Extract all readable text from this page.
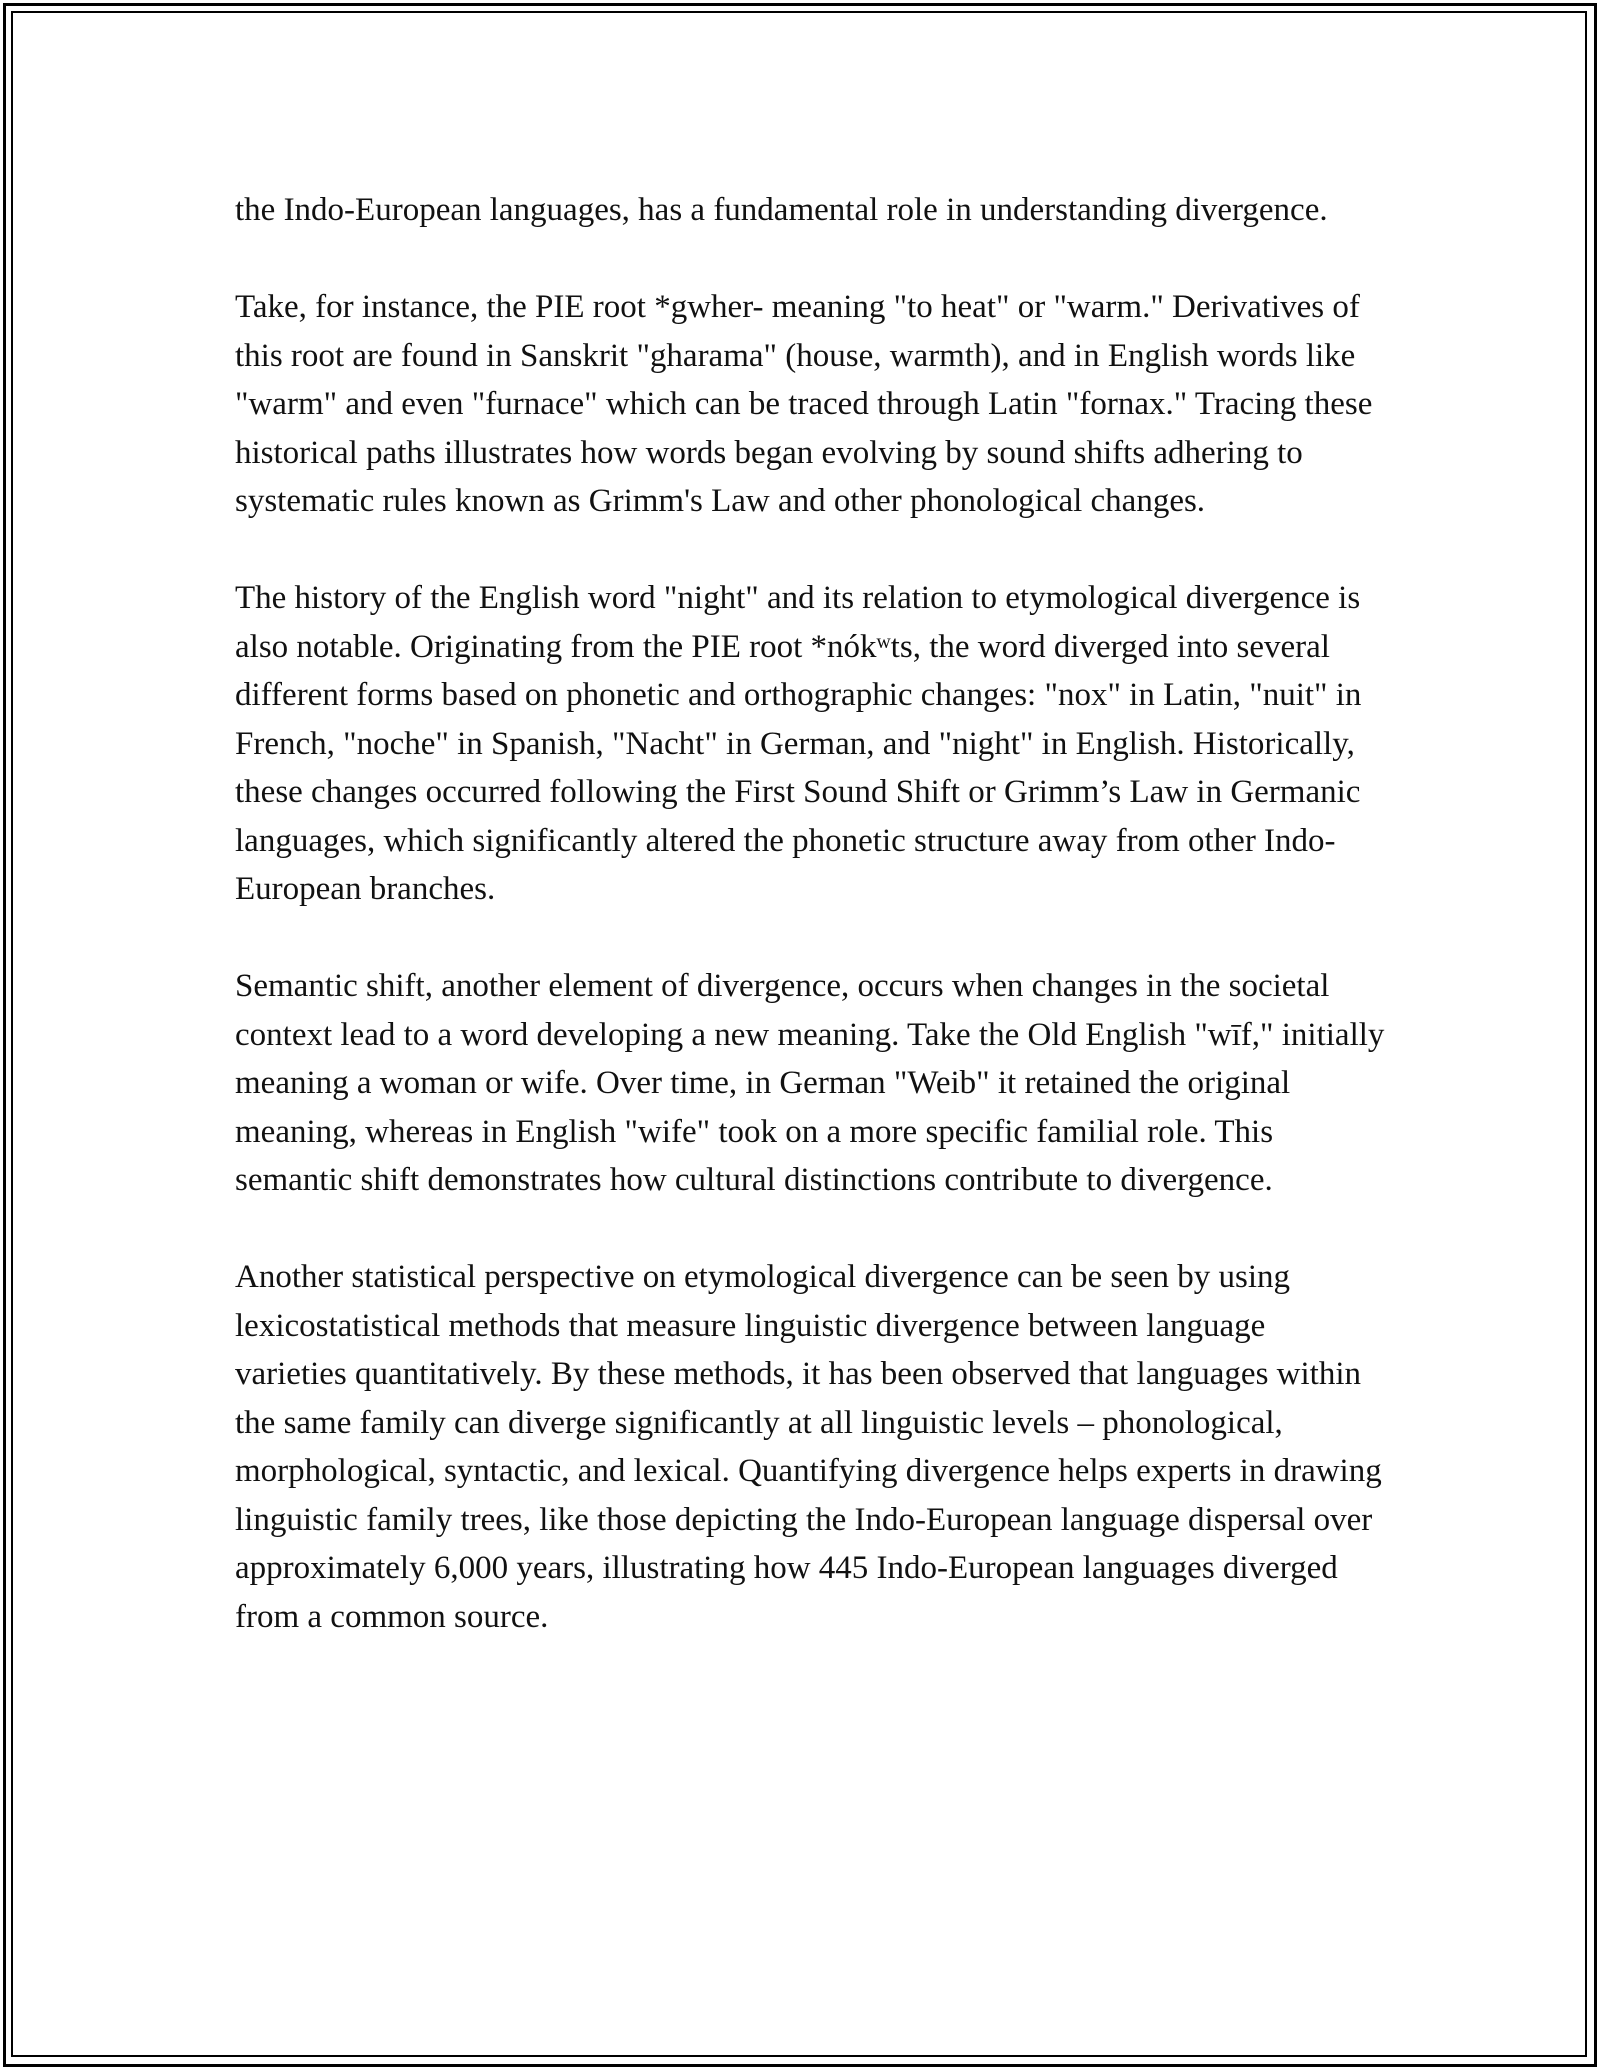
the Indo-European languages, has a fundamental role in understanding divergence.

Take, for instance, the PIE root *gwher- meaning "to heat" or "warm." Derivatives of this root are found in Sanskrit "gharama" (house, warmth), and in English words like "warm" and even "furnace" which can be traced through Latin "fornax." Tracing these historical paths illustrates how words began evolving by sound shifts adhering to systematic rules known as Grimm's Law and other phonological changes.

The history of the English word "night" and its relation to etymological divergence is also notable. Originating from the PIE root *nókʷts, the word diverged into several different forms based on phonetic and orthographic changes: "nox" in Latin, "nuit" in French, "noche" in Spanish, "Nacht" in German, and "night" in English. Historically, these changes occurred following the First Sound Shift or Grimm’s Law in Germanic languages, which significantly altered the phonetic structure away from other Indo-European branches.

Semantic shift, another element of divergence, occurs when changes in the societal context lead to a word developing a new meaning. Take the Old English "wīf," initially meaning a woman or wife. Over time, in German "Weib" it retained the original meaning, whereas in English "wife" took on a more specific familial role. This semantic shift demonstrates how cultural distinctions contribute to divergence.

Another statistical perspective on etymological divergence can be seen by using lexicostatistical methods that measure linguistic divergence between language varieties quantitatively. By these methods, it has been observed that languages within the same family can diverge significantly at all linguistic levels – phonological, morphological, syntactic, and lexical. Quantifying divergence helps experts in drawing linguistic family trees, like those depicting the Indo-European language dispersal over approximately 6,000 years, illustrating how 445 Indo-European languages diverged from a common source.
